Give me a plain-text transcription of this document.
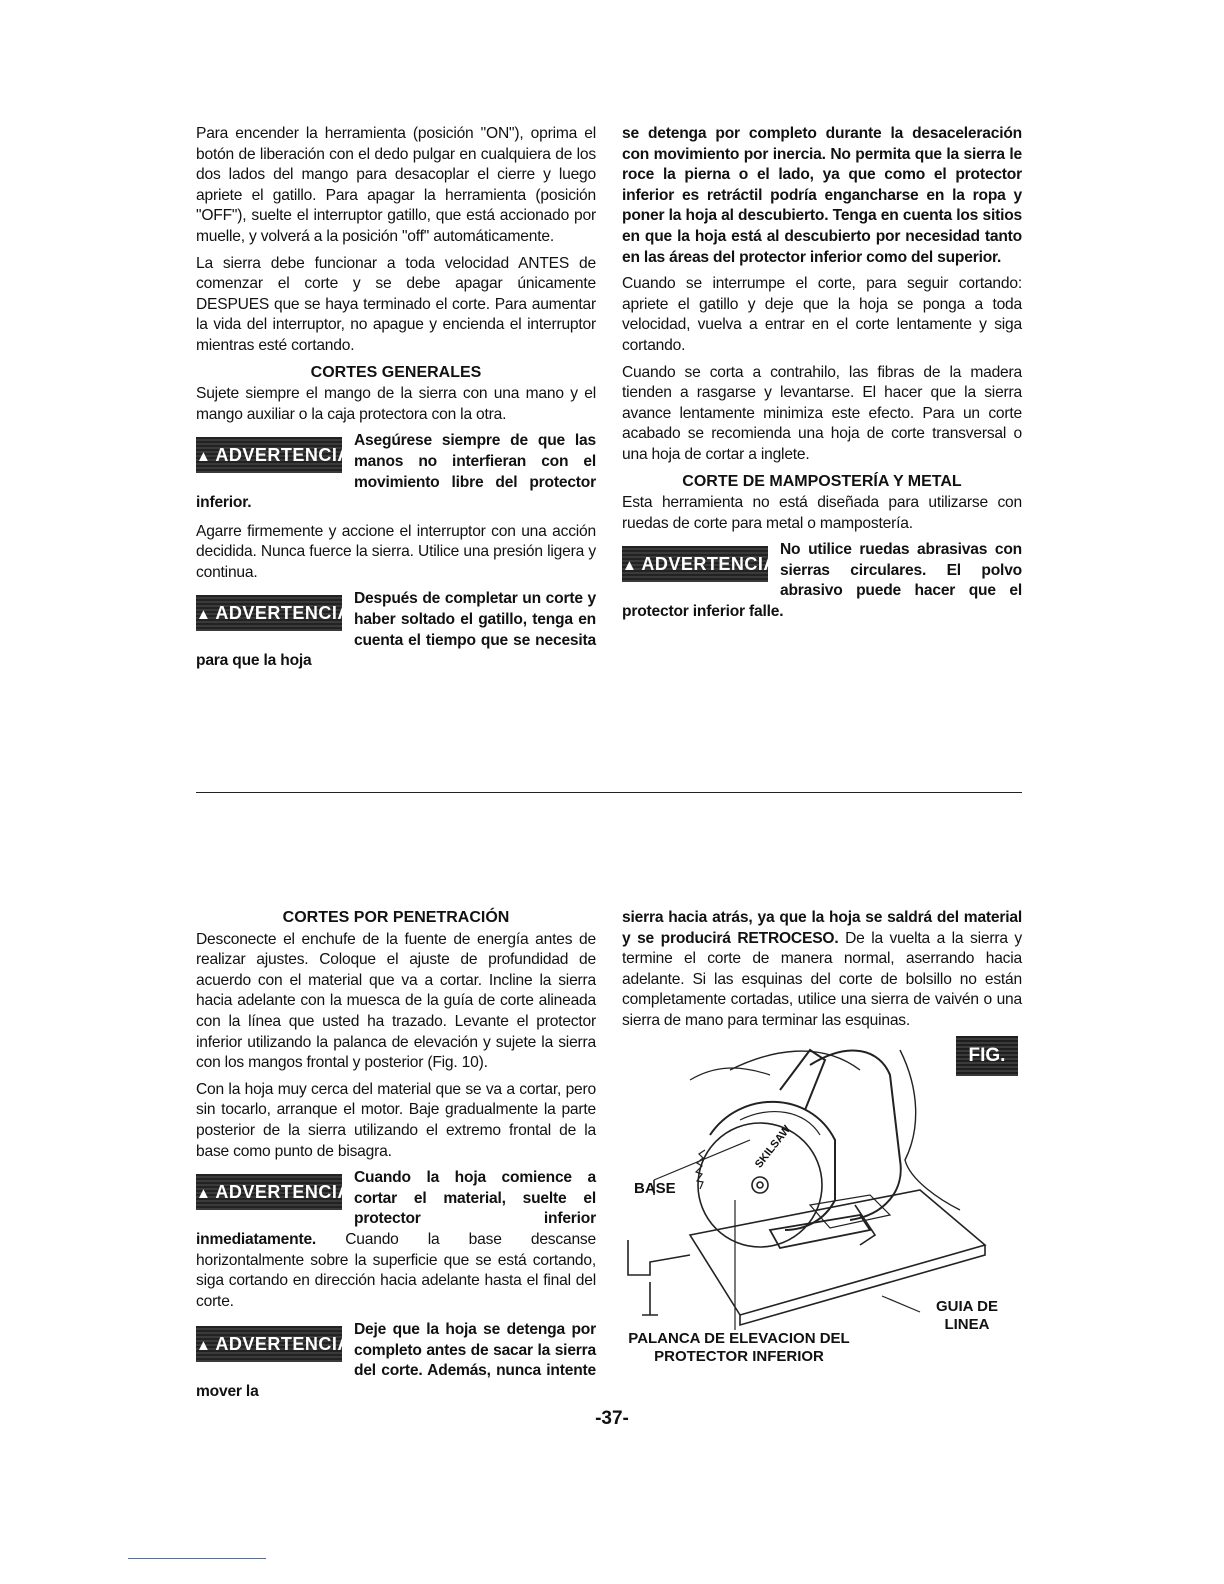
Para encender la herramienta (posición "ON"), oprima el botón de liberación con el dedo pulgar en cualquiera de los dos lados del mango para desacoplar el cierre y luego apriete el gatillo. Para apagar la herramienta (posición "OFF"), suelte el interruptor gatillo, que está accionado por muelle, y volverá a la posición "off" automáticamente.

La sierra debe funcionar a toda velocidad ANTES de comenzar el corte y se debe apagar únicamente DESPUES que se haya terminado el corte. Para aumentar la vida del interruptor, no apague y encienda el interruptor mientras esté cortando.

CORTES GENERALES

Sujete siempre el mango de la sierra con una mano y el mango auxiliar o la caja protectora con la otra.

▲ ADVERTENCIA
Asegúrese siempre de que las manos no interfieran con el movimiento libre del protector inferior.

Agarre firmemente y accione el interruptor con una acción decidida. Nunca fuerce la sierra. Utilice una presión ligera y continua.

▲ ADVERTENCIA
Después de completar un corte y haber soltado el gatillo, tenga en cuenta el tiempo que se necesita para que la hoja

se detenga por completo durante la desaceleración con movimiento por inercia. No permita que la sierra le roce la pierna o el lado, ya que como el protector inferior es retráctil podría engancharse en la ropa y poner la hoja al descubierto. Tenga en cuenta los sitios en que la hoja está al descubierto por necesidad tanto en las áreas del protector inferior como del superior.

Cuando se interrumpe el corte, para seguir cortando: apriete el gatillo y deje que la hoja se ponga a toda velocidad, vuelva a entrar en el corte lentamente y siga cortando.

Cuando se corta a contrahilo, las fibras de la madera tienden a rasgarse y levantarse. El hacer que la sierra avance lentamente minimiza este efecto. Para un corte acabado se recomienda una hoja de corte transversal o una hoja de cortar a inglete.

CORTE DE MAMPOSTERÍA Y METAL

Esta herramienta no está diseñada para utilizarse con ruedas de corte para metal o mampostería.

▲ ADVERTENCIA
No utilice ruedas abrasivas con sierras circulares. El polvo abrasivo puede hacer que el protector inferior falle.
CORTES POR PENETRACIÓN

Desconecte el enchufe de la fuente de energía antes de realizar ajustes. Coloque el ajuste de profundidad de acuerdo con el material que va a cortar. Incline la sierra hacia adelante con la muesca de la guía de corte alineada con la línea que usted ha trazado. Levante el protector inferior utilizando la palanca de elevación y sujete la sierra con los mangos frontal y posterior (Fig. 10).

Con la hoja muy cerca del material que se va a cortar, pero sin tocarlo, arranque el motor. Baje gradualmente la parte posterior de la sierra utilizando el extremo frontal de la base como punto de bisagra.

▲ ADVERTENCIA
Cuando la hoja comience a cortar el material, suelte el protector inferior inmediatamente. Cuando la base descanse horizontalmente sobre la superficie que se está cortando, siga cortando en dirección hacia adelante hasta el final del corte.
▲ ADVERTENCIA
Deje que la hoja se detenga por completo antes de sacar la sierra del corte. Además, nunca intente mover la

sierra hacia atrás, ya que la hoja se saldrá del material y se producirá RETROCESO. De la vuelta a la sierra y termine el corte de manera normal, aserrando hacia adelante. Si las esquinas del corte de bolsillo no están completamente cortadas, utilice una sierra de vaivén o una sierra de mano para terminar las esquinas.

FIG. 10
BASE
SKILSAW
GUIA DE
LINEA
PALANCA DE ELEVACION DEL
PROTECTOR INFERIOR
-37-
